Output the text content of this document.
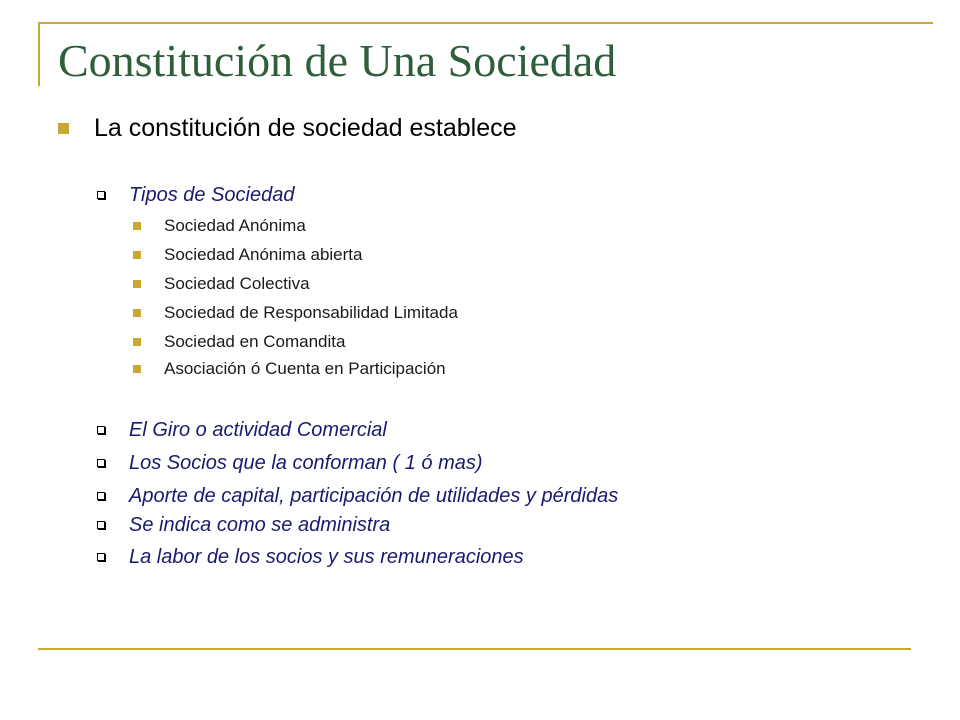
Constitución de Una Sociedad
La constitución de sociedad establece
Tipos de Sociedad
Sociedad Anónima
Sociedad Anónima abierta
Sociedad Colectiva
Sociedad de Responsabilidad Limitada
Sociedad en Comandita
Asociación ó Cuenta en Participación
El Giro o actividad Comercial
Los Socios que la conforman ( 1 ó mas)
Aporte de capital, participación de utilidades y pérdidas
Se indica como se administra
La labor de los socios y sus remuneraciones
